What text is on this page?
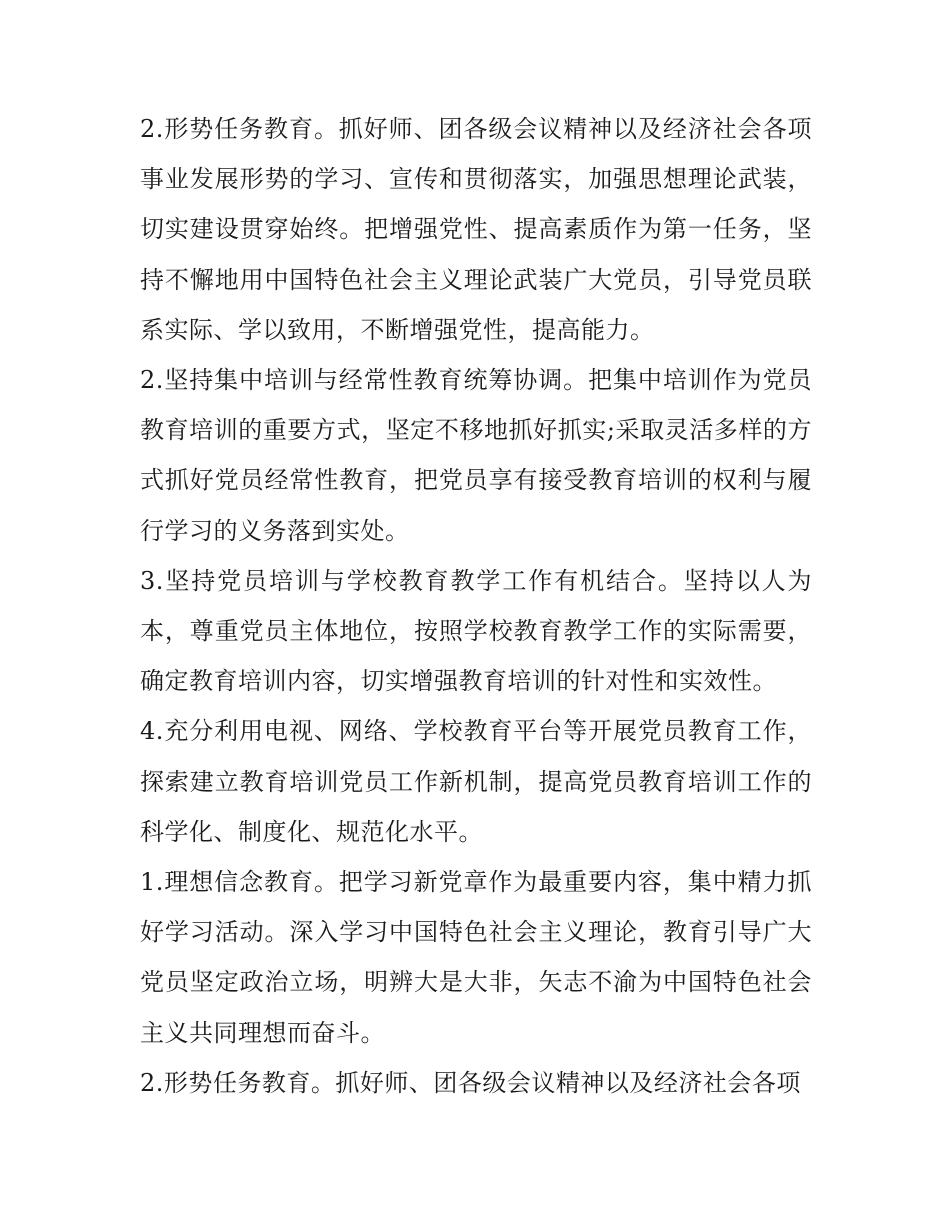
2.形势任务教育。抓好师、团各级会议精神以及经济社会各项事业发展形势的学习、宣传和贯彻落实，加强思想理论武装，切实建设贯穿始终。把增强党性、提高素质作为第一任务，坚持不懈地用中国特色社会主义理论武装广大党员，引导党员联系实际、学以致用，不断增强党性，提高能力。

2.坚持集中培训与经常性教育统筹协调。把集中培训作为党员教育培训的重要方式，坚定不移地抓好抓实;采取灵活多样的方式抓好党员经常性教育，把党员享有接受教育培训的权利与履行学习的义务落到实处。

3.坚持党员培训与学校教育教学工作有机结合。坚持以人为本，尊重党员主体地位，按照学校教育教学工作的实际需要，确定教育培训内容，切实增强教育培训的针对性和实效性。

4.充分利用电视、网络、学校教育平台等开展党员教育工作，探索建立教育培训党员工作新机制，提高党员教育培训工作的科学化、制度化、规范化水平。

1.理想信念教育。把学习新党章作为最重要内容，集中精力抓好学习活动。深入学习中国特色社会主义理论，教育引导广大党员坚定政治立场，明辨大是大非，矢志不渝为中国特色社会主义共同理想而奋斗。

2.形势任务教育。抓好师、团各级会议精神以及经济社会各项
